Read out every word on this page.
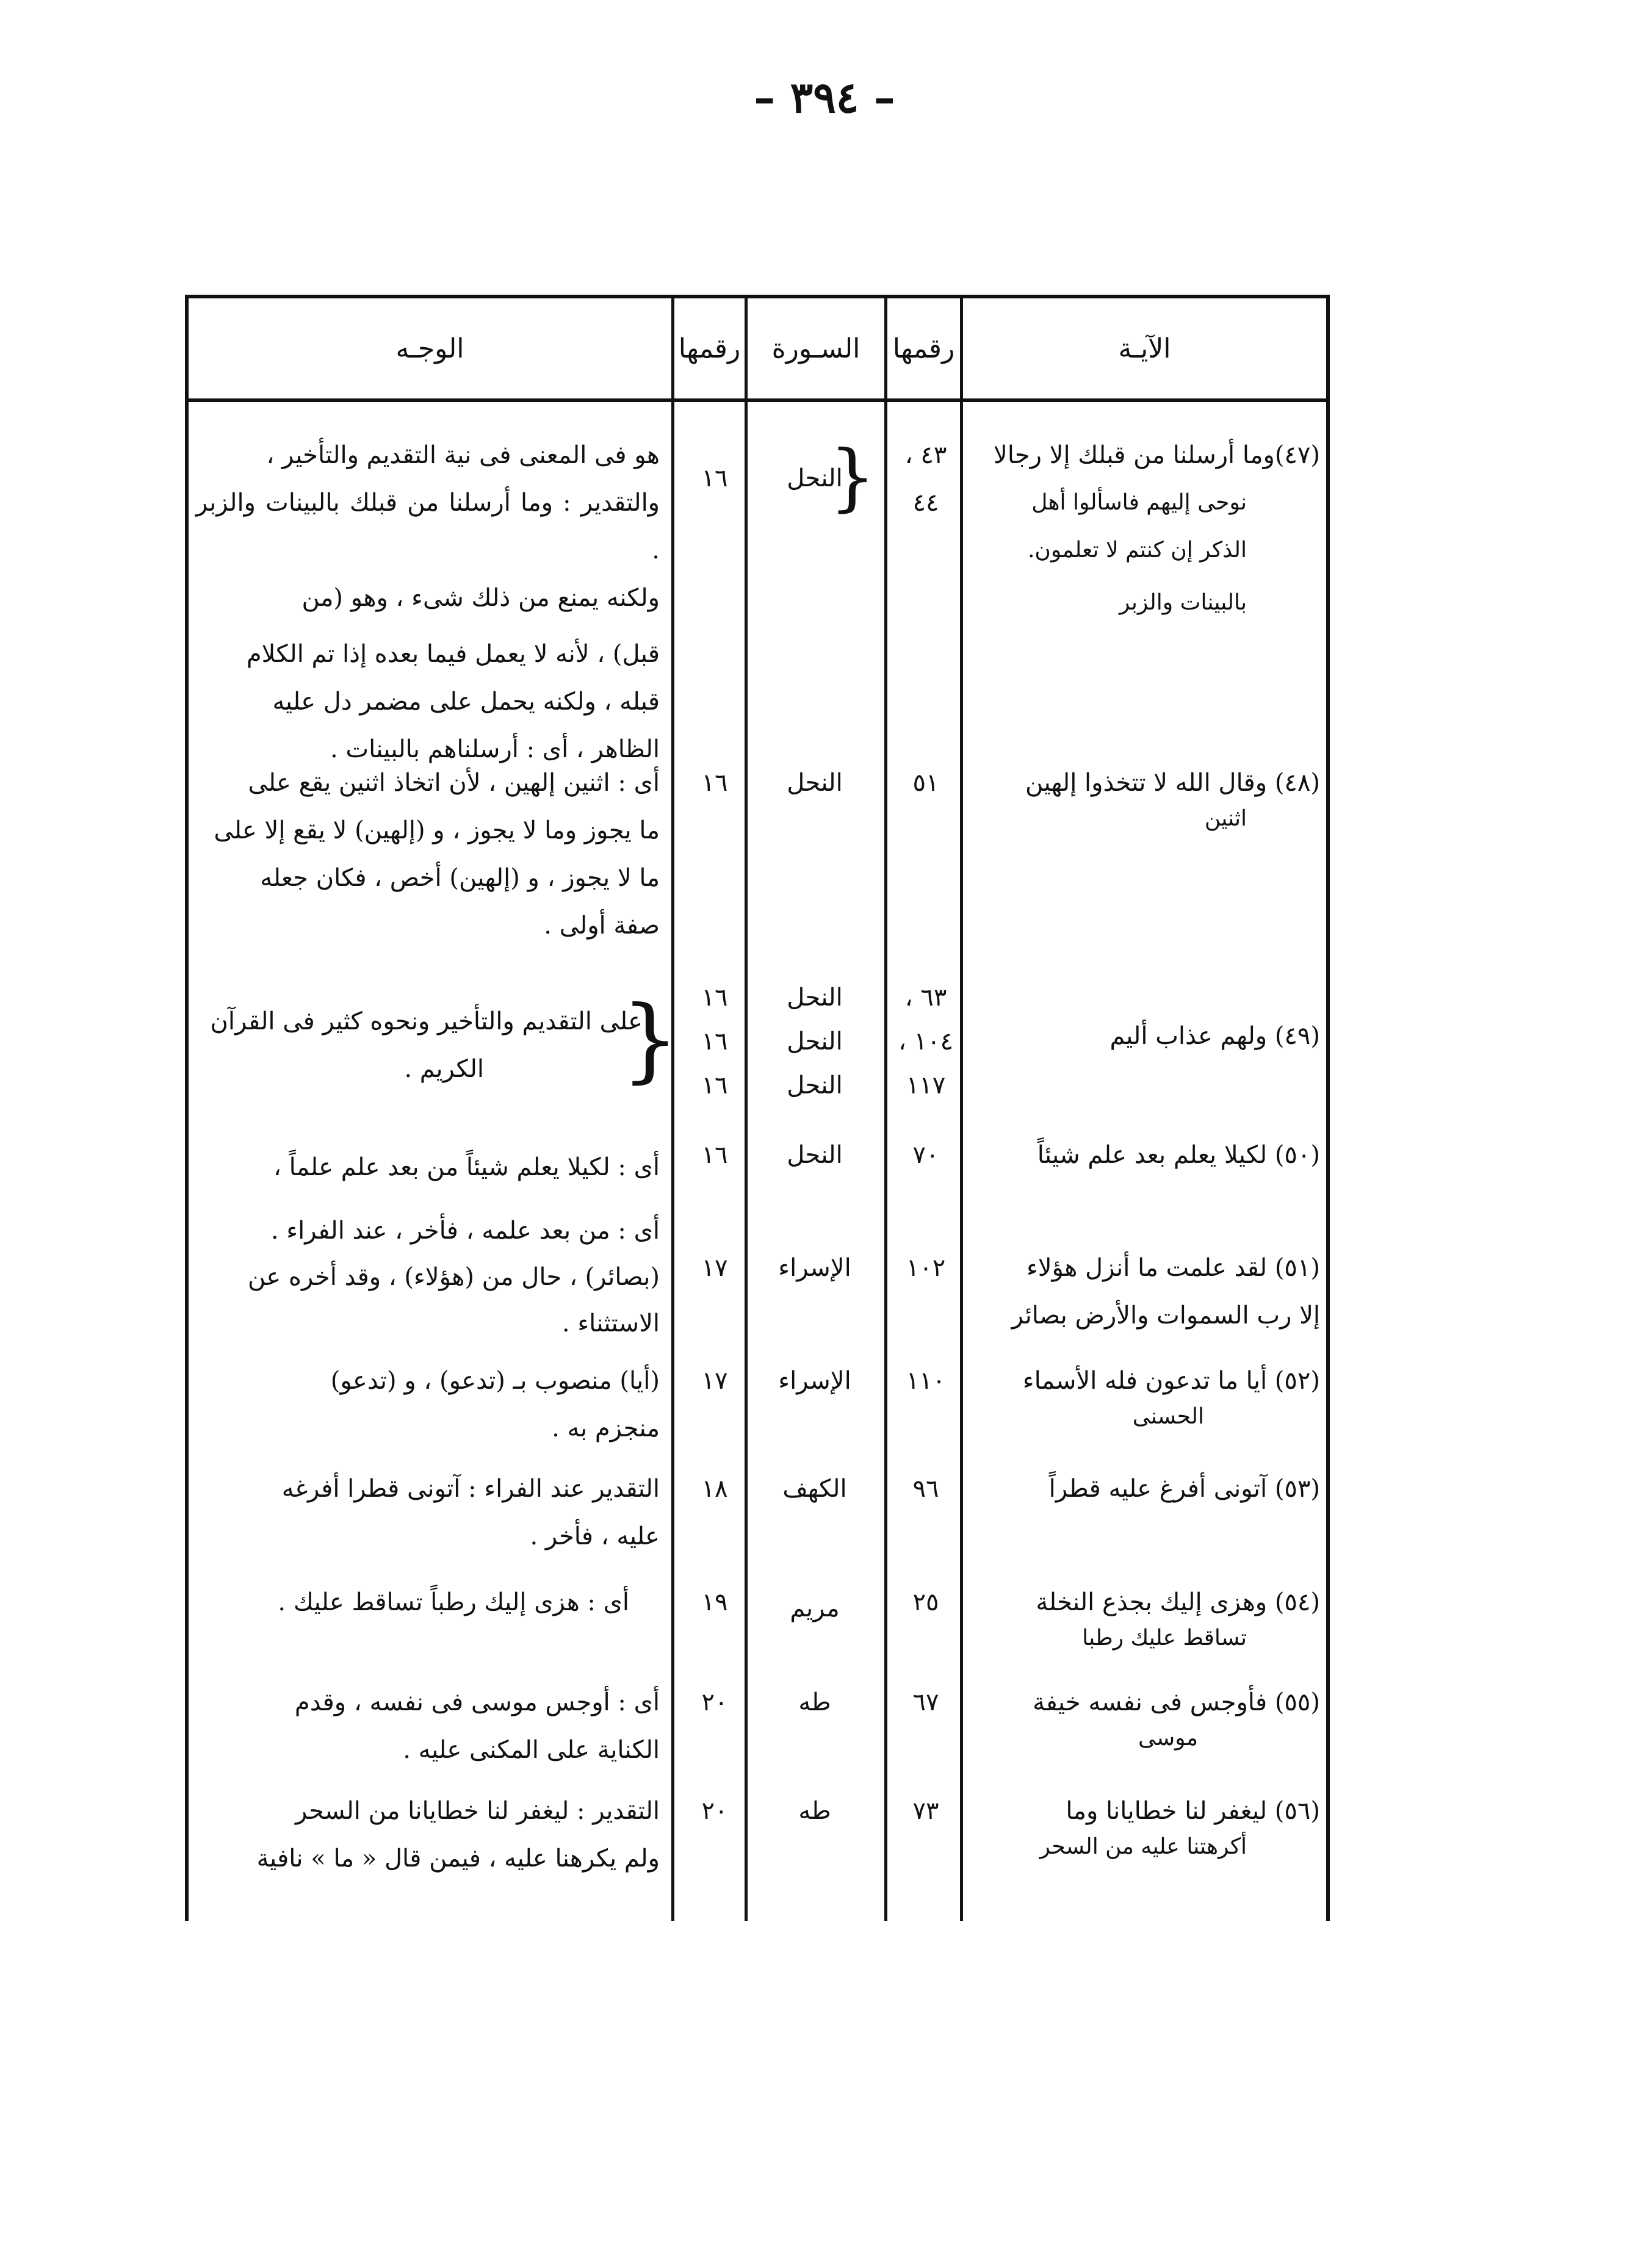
– ٣٩٤ –
الآيـة
رقمها
السـورة
رقمها
الوجـه
(٤٧)وما أرسلنا من قبلك إلا رجالا
نوحى إليهم فاسألوا أهل
الذكر إن كنتم لا تعلمون.
بالبينات والزبر
٤٣ ،
٤٤
النحل
{
١٦
هو فى المعنى فى نية التقديم والتأخير ،
والتقدير : وما أرسلنا من قبلك بالبينات والزبر .
ولكنه يمنع من ذلك شىء ، وهو (من
قبل) ، لأنه لا يعمل فيما بعده إذا تم الكلام
قبله ، ولكنه يحمل على مضمر دل عليه
الظاهر ، أى : أرسلناهم بالبينات .
(٤٨) وقال الله لا تتخذوا إلهين
اثنين
٥١
النحل
١٦
أى : اثنين إلهين ، لأن اتخاذ اثنين يقع على
ما يجوز وما لا يجوز ، و (إلهين) لا يقع إلا على
ما لا يجوز ، و (إلهين) أخص ، فكان جعله
صفة أولى .
(٤٩) ولهم عذاب أليم
٦٣ ،
١٠٤ ،
١١٧
النحل
النحل
النحل
١٦
١٦
١٦
{
على التقديم والتأخير ونحوه كثير فى القرآن
الكريم .
(٥٠) لكيلا يعلم بعد علم شيئاً
٧٠
النحل
١٦
أى : لكيلا يعلم شيئاً من بعد علم علماً ،
(٥١) لقد علمت ما أنزل هؤلاء
إلا رب السموات والأرض بصائر
١٠٢
الإسراء
١٧
أى : من بعد علمه ، فأخر ، عند الفراء .
(بصائر) ، حال من (هؤلاء) ، وقد أخره عن
الاستثناء .
(٥٢) أيا ما تدعون فله الأسماء
الحسنى
١١٠
الإسراء
١٧
(أيا) منصوب بـ (تدعو) ، و (تدعو)
منجزم به .
(٥٣) آتونى أفرغ عليه قطراً
٩٦
الكهف
١٨
التقدير عند الفراء : آتونى قطرا أفرغه
عليه ، فأخر .
(٥٤) وهزى إليك بجذع النخلة
تساقط عليك رطبا
٢٥
مريم
١٩
أى : هزى إليك رطباً تساقط عليك .
(٥٥) فأوجس فى نفسه خيفة
موسى
٦٧
طه
٢٠
أى : أوجس موسى فى نفسه ، وقدم
الكناية على المكنى عليه .
(٥٦) ليغفر لنا خطايانا وما
أكرهتنا عليه من السحر
٧٣
طه
٢٠
التقدير : ليغفر لنا خطايانا من السحر
ولم يكرهنا عليه ، فيمن قال « ما » نافية
